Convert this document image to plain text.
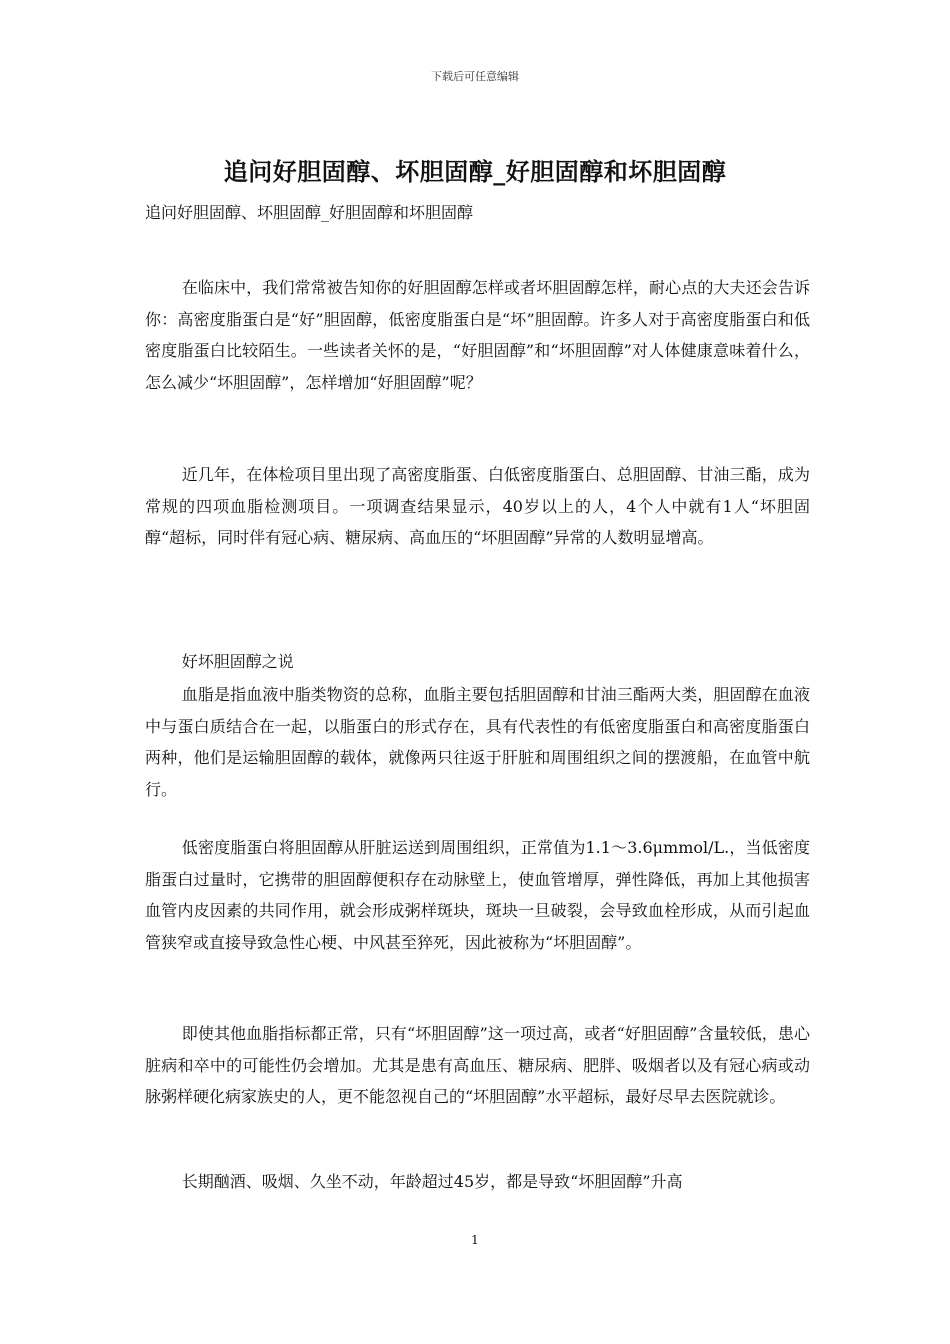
下载后可任意编辑
追问好胆固醇、坏胆固醇_好胆固醇和坏胆固醇
追问好胆固醇、坏胆固醇_好胆固醇和坏胆固醇

在临床中，我们常常被告知你的好胆固醇怎样或者坏胆固醇怎样，耐心点的大夫还会告诉你：高密度脂蛋白是“好”胆固醇，低密度脂蛋白是“坏”胆固醇。许多人对于高密度脂蛋白和低密度脂蛋白比较陌生。一些读者关怀的是，“好胆固醇”和“坏胆固醇”对人体健康意味着什么，怎么减少“坏胆固醇”，怎样增加“好胆固醇”呢？

近几年，在体检项目里出现了高密度脂蛋、白低密度脂蛋白、总胆固醇、甘油三酯，成为常规的四项血脂检测项目。一项调查结果显示，40岁以上的人，4个人中就有1人“坏胆固醇“超标，同时伴有冠心病、糖尿病、高血压的“坏胆固醇”异常的人数明显增高。

好坏胆固醇之说

血脂是指血液中脂类物资的总称，血脂主要包括胆固醇和甘油三酯两大类，胆固醇在血液中与蛋白质结合在一起，以脂蛋白的形式存在，具有代表性的有低密度脂蛋白和高密度脂蛋白两种，他们是运输胆固醇的载体，就像两只往返于肝脏和周围组织之间的摆渡船，在血管中航行。

低密度脂蛋白将胆固醇从肝脏运送到周围组织，正常值为1.1～3.6μmmol/L.，当低密度脂蛋白过量时，它携带的胆固醇便积存在动脉壁上，使血管增厚，弹性降低，再加上其他损害血管内皮因素的共同作用，就会形成粥样斑块，斑块一旦破裂，会导致血栓形成，从而引起血管狭窄或直接导致急性心梗、中风甚至猝死，因此被称为“坏胆固醇”。

即使其他血脂指标都正常，只有“坏胆固醇”这一项过高，或者“好胆固醇”含量较低，患心脏病和卒中的可能性仍会增加。尤其是患有高血压、糖尿病、肥胖、吸烟者以及有冠心病或动脉粥样硬化病家族史的人，更不能忽视自己的“坏胆固醇”水平超标，最好尽早去医院就诊。

长期酗酒、吸烟、久坐不动，年龄超过45岁，都是导致“坏胆固醇”升高

1
